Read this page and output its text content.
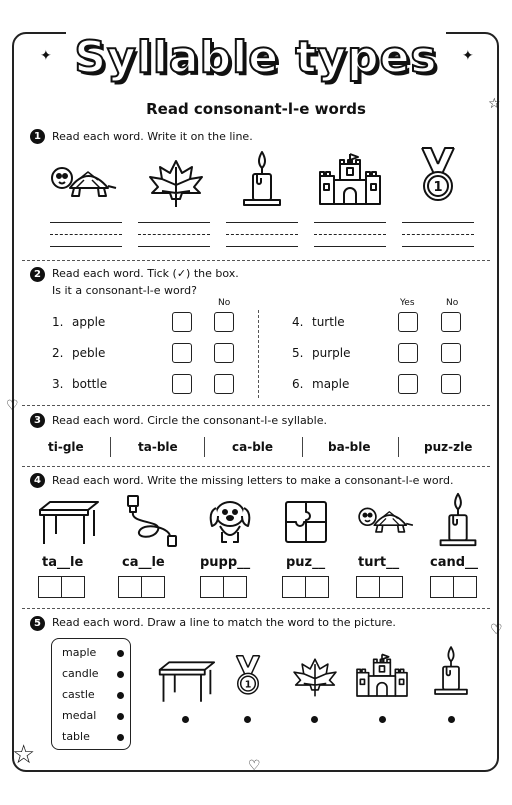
✦	✦
☆
♡
♡
☆	♡
Syllable types
Read consonant-l-e words
1	Read each word. Write it on the line.
1
2	Read each word. Tick (✓) the box.
Is it a consonant-l-e word?
No	Yes	No
1. apple
2. peble
3. bottle
4. turtle
5. purple
6. maple
3	Read each word. Circle the consonant-l-e syllable.
ti-gle	ta-ble	ca-ble	ba-ble	puz-zle
4	Read each word. Write the missing letters to make a consonant-l-e word.
ta__le	ca__le	pupp__	puz__	turt__ cand__
5	Read each word. Draw a line to match the word to the picture.
maple
candle
castle
medal
table
1
